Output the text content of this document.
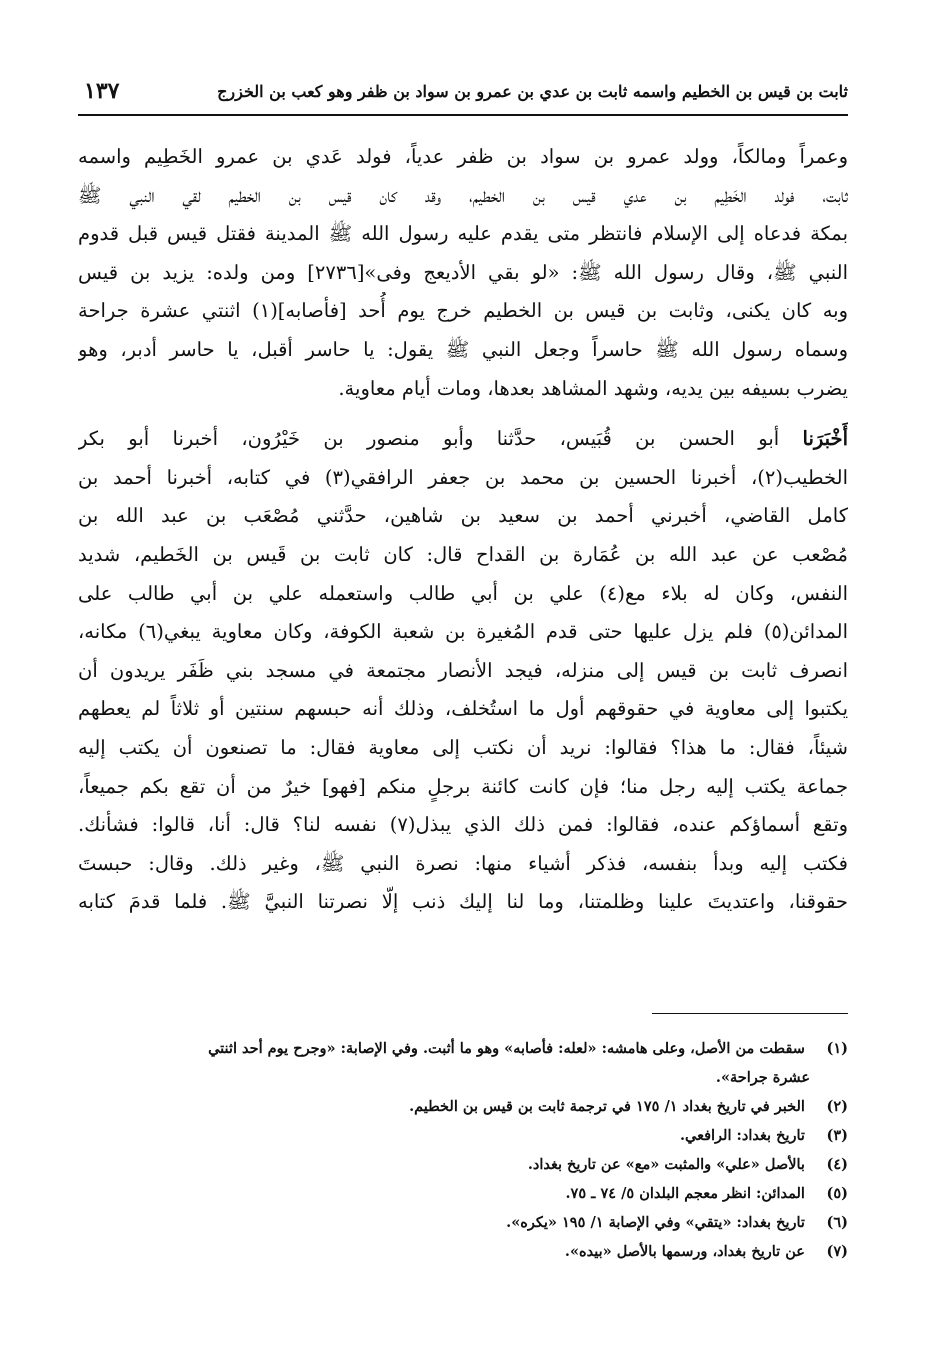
ثابت بن قيس بن الخطيم واسمه ثابت بن عدي بن عمرو بن سواد بن ظفر وهو كعب بن الخزرج
١٣٧
وعمراً ومالكاً، وولد عمرو بن سواد بن ظفر عدياً، فولد عَدي بن عمرو الخَطِيم واسمه
ثابت، فولد الخَطِيم بن عدي قيس بن الخطيم، وقد كان قيس بن الخطيم لقي النبي ﷺ
بمكة فدعاه إلى الإسلام فانتظر متى يقدم عليه رسول الله ﷺ المدينة فقتل قيس قبل قدوم
النبي ﷺ، وقال رسول الله ﷺ: «لو بقي الأديعج وفى»[٢٧٣٦] ومن ولده: يزيد بن قيس
وبه كان يكنى، وثابت بن قيس بن الخطيم خرج يوم أُحد [فأصابه](١) اثنتي عشرة جراحة
وسماه رسول الله ﷺ حاسراً وجعل النبي ﷺ يقول: يا حاسر أقبل، يا حاسر أدبر، وهو
يضرب بسيفه بين يديه، وشهد المشاهد بعدها، ومات أيام معاوية.
أَخْبَرَنا أبو الحسن بن قُبَيس، حدَّثنا وأبو منصور بن خَيْرُون، أخبرنا أبو بكر
الخطيب(٢)، أخبرنا الحسين بن محمد بن جعفر الرافقي(٣) في كتابه، أخبرنا أحمد بن
كامل القاضي، أخبرني أحمد بن سعيد بن شاهين، حدَّثني مُصْعَب بن عبد الله بن
مُصْعب عن عبد الله بن عُمَارة بن القداح قال: كان ثابت بن قَيس بن الخَطيم، شديد
النفس، وكان له بلاء مع(٤) علي بن أبي طالب واستعمله علي بن أبي طالب على
المدائن(٥) فلم يزل عليها حتى قدم المُغيرة بن شعبة الكوفة، وكان معاوية يبغي(٦) مكانه،
انصرف ثابت بن قيس إلى منزله، فيجد الأنصار مجتمعة في مسجد بني ظَفَر يريدون أن
يكتبوا إلى معاوية في حقوقهم أول ما استُخلف، وذلك أنه حبسهم سنتين أو ثلاثاً لم يعطهم
شيئاً، فقال: ما هذا؟ فقالوا: نريد أن نكتب إلى معاوية فقال: ما تصنعون أن يكتب إليه
جماعة يكتب إليه رجل منا؛ فإن كانت كائنة برجلٍ منكم [فهو] خيرٌ من أن تقع بكم جميعاً،
وتقع أسماؤكم عنده، فقالوا: فمن ذلك الذي يبذل(٧) نفسه لنا؟ قال: أنا، قالوا: فشأنك.
فكتب إليه وبدأ بنفسه، فذكر أشياء منها: نصرة النبي ﷺ، وغير ذلك. وقال: حبستَ
حقوقنا، واعتديتَ علينا وظلمتنا، وما لنا إليك ذنب إلّا نصرتنا النبيَّ ﷺ. فلما قدمَ كتابه
(١) سقطت من الأصل، وعلى هامشه: «لعله: فأصابه» وهو ما أثبت. وفي الإصابة: «وجرح يوم أحد اثنتي
عشرة جراحة».
(٢) الخبر في تاريخ بغداد ١/ ١٧٥ في ترجمة ثابت بن قيس بن الخطيم.
(٣) تاريخ بغداد: الرافعي.
(٤) بالأصل «علي» والمثبت «مع» عن تاريخ بغداد.
(٥) المدائن: انظر معجم البلدان ٥/ ٧٤ ـ ٧٥.
(٦) تاريخ بغداد: «يتقي» وفي الإصابة ١/ ١٩٥ «يكره».
(٧) عن تاريخ بغداد، ورسمها بالأصل «بيده».
